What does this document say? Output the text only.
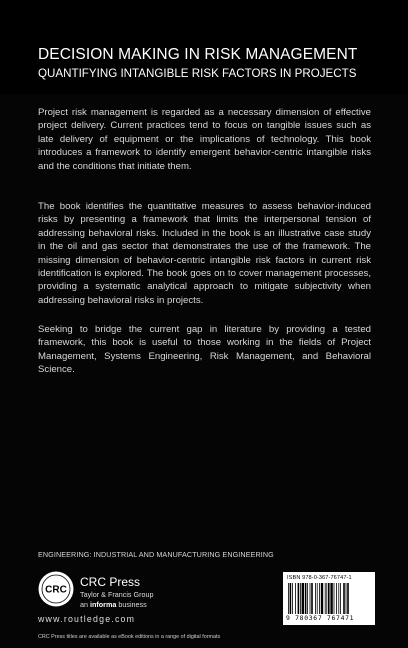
DECISION MAKING IN RISK MANAGEMENT
QUANTIFYING INTANGIBLE RISK FACTORS IN PROJECTS

Project risk management is regarded as a necessary dimension of effective project delivery. Current practices tend to focus on tangible issues such as late delivery of equipment or the implications of technology. This book introduces a framework to identify emergent behavior-centric intangible risks and the conditions that initiate them.

The book identifies the quantitative measures to assess behavior-induced risks by presenting a framework that limits the interpersonal tension of addressing behavioral risks. Included in the book is an illustrative case study in the oil and gas sector that demonstrates the use of the framework. The missing dimension of behavior-centric intangible risk factors in current risk identification is explored. The book goes on to cover management processes, providing a systematic analytical approach to mitigate subjectivity when addressing behavioral risks in projects.

Seeking to bridge the current gap in literature by providing a tested framework, this book is useful to those working in the fields of Project Management, Systems Engineering, Risk Management, and Behavioral Science.

ENGINEERING: INDUSTRIAL AND MANUFACTURING ENGINEERING
CRC
CRC Press
Taylor & Francis Group
an informa business
www.routledge.com
CRC Press titles are available as eBook editions in a range of digital formats
ISBN 978-0-367-76747-1
9 780367 767471
